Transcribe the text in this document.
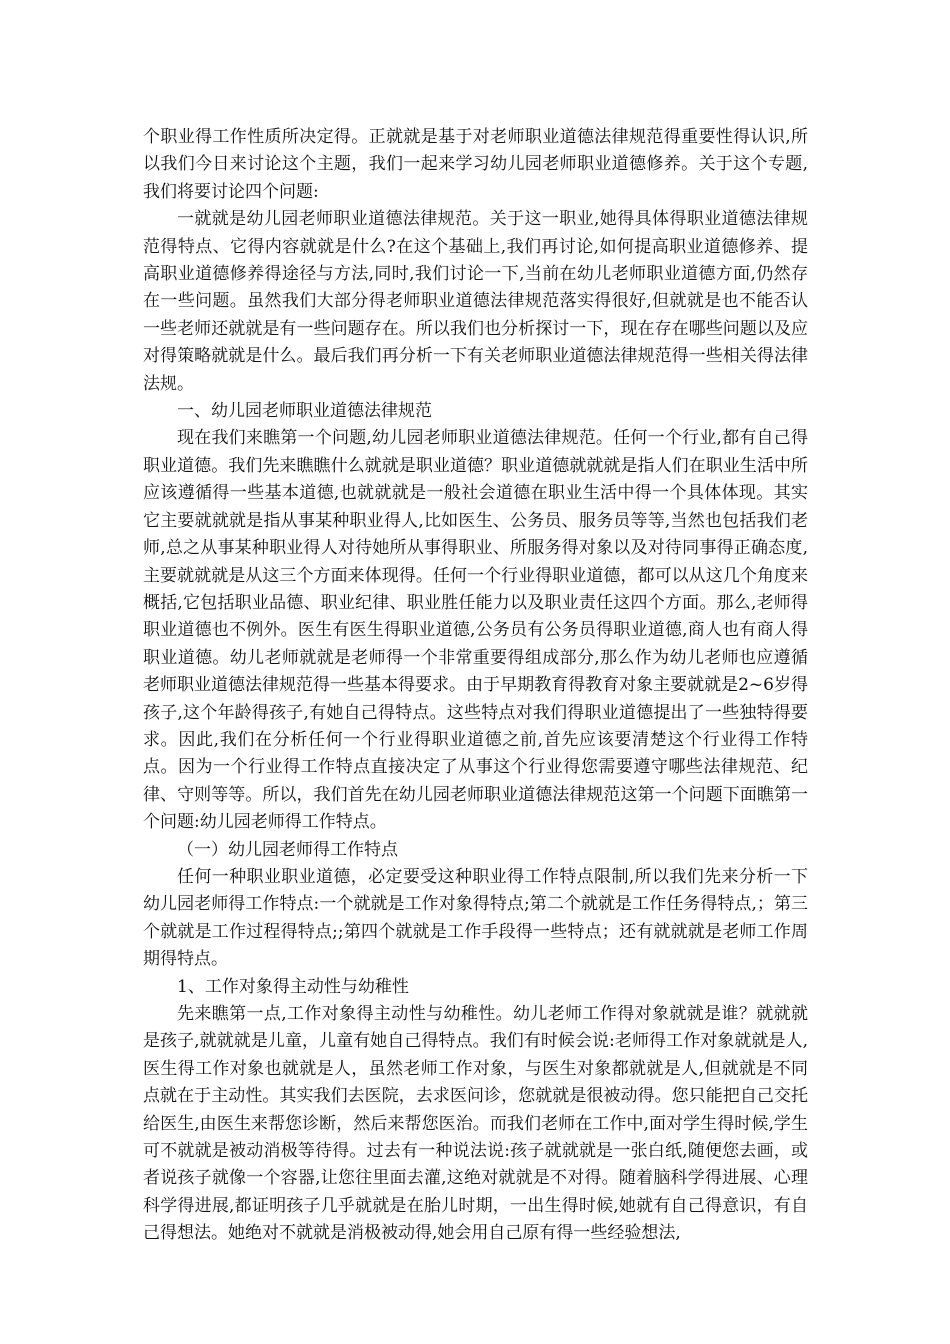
个职业得工作性质所决定得。正就就是基于对老师职业道德法律规范得重要性得认识,所以我们今日来讨论这个主题，我们一起来学习幼儿园老师职业道德修养。关于这个专题,我们将要讨论四个问题:

一就就是幼儿园老师职业道德法律规范。关于这一职业,她得具体得职业道德法律规范得特点、它得内容就就是什么?在这个基础上,我们再讨论,如何提高职业道德修养、提高职业道德修养得途径与方法,同时,我们讨论一下,当前在幼儿老师职业道德方面,仍然存在一些问题。虽然我们大部分得老师职业道德法律规范落实得很好,但就就是也不能否认一些老师还就就是有一些问题存在。所以我们也分析探讨一下，现在存在哪些问题以及应对得策略就就是什么。最后我们再分析一下有关老师职业道德法律规范得一些相关得法律法规。

一、幼儿园老师职业道德法律规范

现在我们来瞧第一个问题,幼儿园老师职业道德法律规范。任何一个行业,都有自己得职业道德。我们先来瞧瞧什么就就是职业道德？职业道德就就就是指人们在职业生活中所应该遵循得一些基本道德,也就就就是一般社会道德在职业生活中得一个具体体现。其实它主要就就就是指从事某种职业得人,比如医生、公务员、服务员等等,当然也包括我们老师,总之从事某种职业得人对待她所从事得职业、所服务得对象以及对待同事得正确态度,主要就就就是从这三个方面来体现得。任何一个行业得职业道德，都可以从这几个角度来概括,它包括职业品德、职业纪律、职业胜任能力以及职业责任这四个方面。那么,老师得职业道德也不例外。医生有医生得职业道德,公务员有公务员得职业道德,商人也有商人得职业道德。幼儿老师就就是老师得一个非常重要得组成部分,那么作为幼儿老师也应遵循老师职业道德法律规范得一些基本得要求。由于早期教育得教育对象主要就就是2~6岁得孩子,这个年龄得孩子,有她自己得特点。这些特点对我们得职业道德提出了一些独特得要求。因此,我们在分析任何一个行业得职业道德之前,首先应该要清楚这个行业得工作特点。因为一个行业得工作特点直接决定了从事这个行业得您需要遵守哪些法律规范、纪律、守则等等。所以，我们首先在幼儿园老师职业道德法律规范这第一个问题下面瞧第一个问题:幼儿园老师得工作特点。

（一）幼儿园老师得工作特点

任何一种职业职业道德，必定要受这种职业得工作特点限制,所以我们先来分析一下幼儿园老师得工作特点:一个就就是工作对象得特点;第二个就就是工作任务得特点,；第三个就就是工作过程得特点;;第四个就就是工作手段得一些特点；还有就就就是老师工作周期得特点。

1、工作对象得主动性与幼稚性

先来瞧第一点,工作对象得主动性与幼稚性。幼儿老师工作得对象就就是谁？就就就是孩子,就就就是儿童，儿童有她自己得特点。我们有时候会说:老师得工作对象就就是人,医生得工作对象也就就是人，虽然老师工作对象，与医生对象都就就是人,但就就是不同点就在于主动性。其实我们去医院，去求医问诊，您就就是很被动得。您只能把自己交托给医生,由医生来帮您诊断，然后来帮您医治。而我们老师在工作中,面对学生得时候,学生可不就就是被动消极等待得。过去有一种说法说:孩子就就就是一张白纸,随便您去画，或者说孩子就像一个容器,让您往里面去灌,这绝对就就是不对得。随着脑科学得进展、心理科学得进展,都证明孩子几乎就就是在胎儿时期，一出生得时候,她就有自己得意识，有自己得想法。她绝对不就就是消极被动得,她会用自己原有得一些经验想法,
